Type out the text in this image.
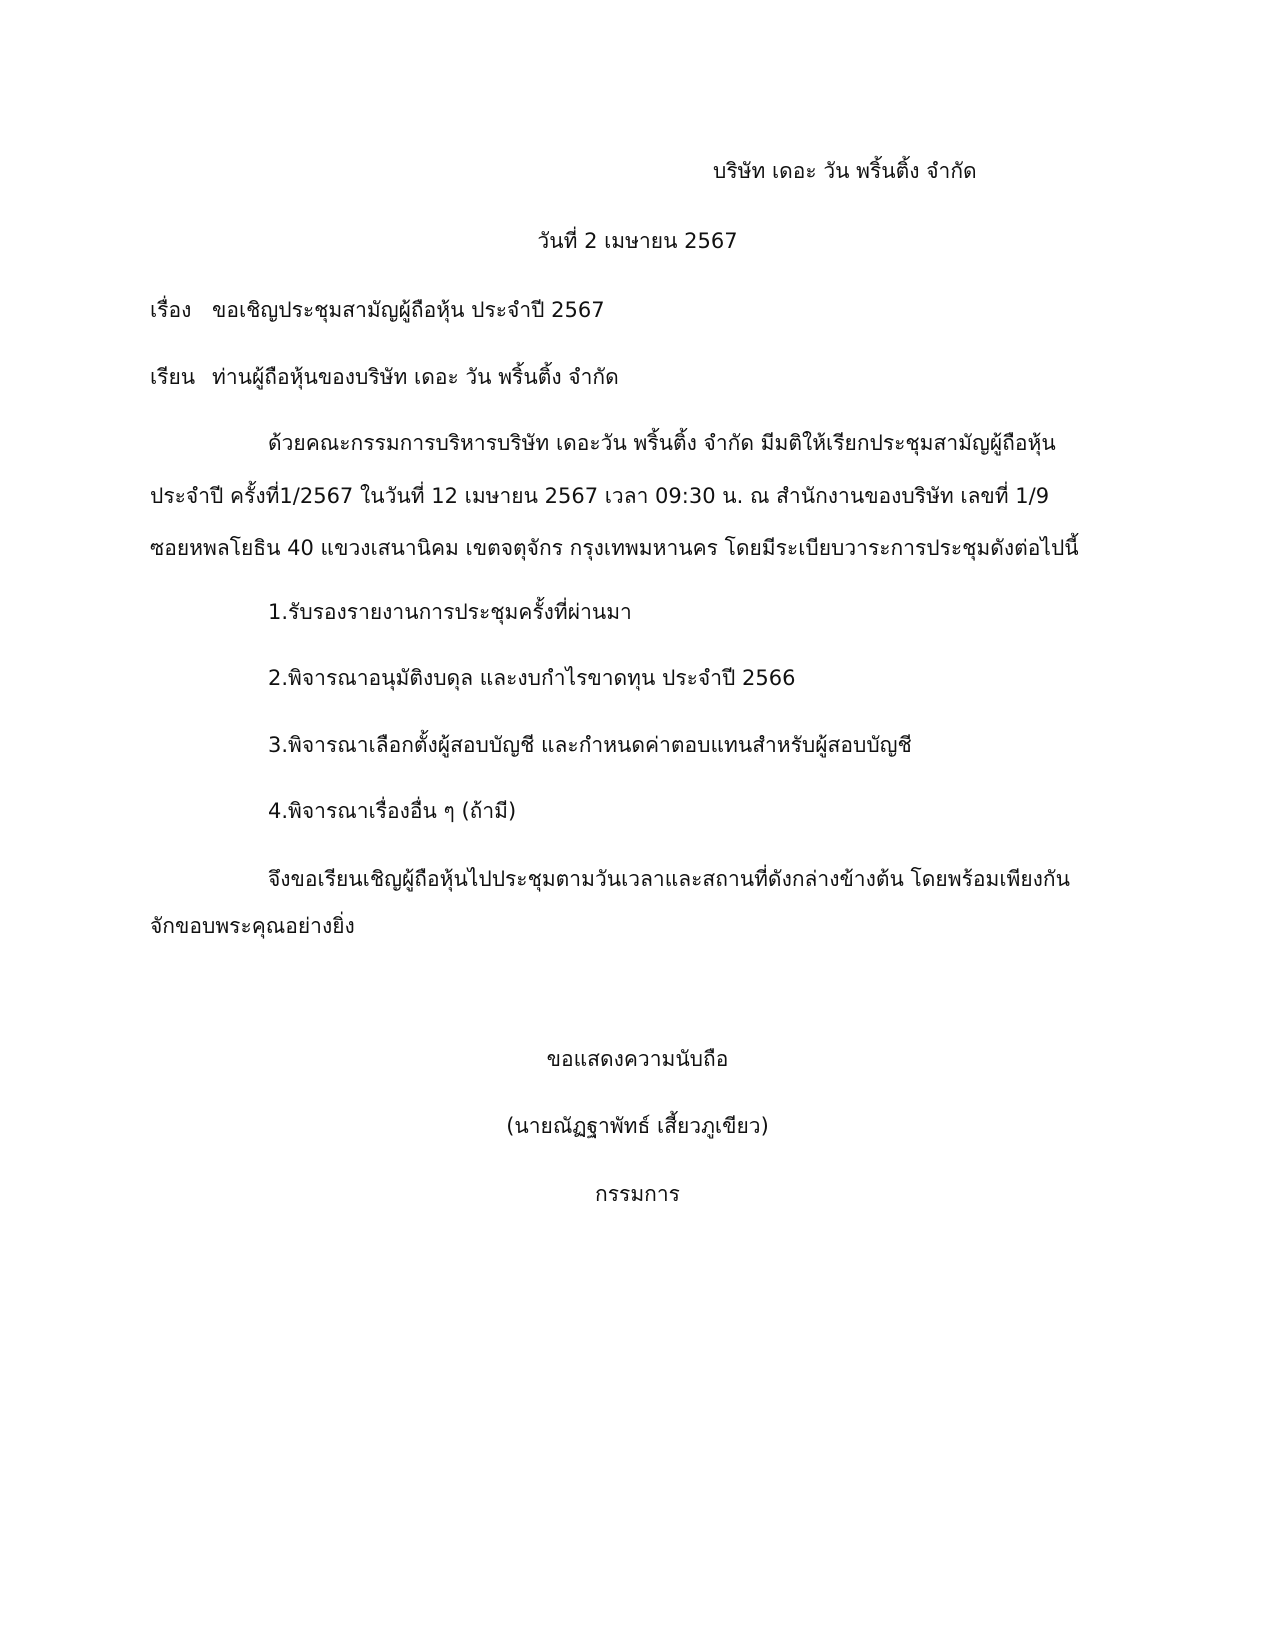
บริษัท เดอะ วัน พริ้นติ้ง จำกัด

วันที่ 2 เมษายน 2567

เรื่อง ขอเชิญประชุมสามัญผู้ถือหุ้น ประจำปี 2567

เรียน ท่านผู้ถือหุ้นของบริษัท เดอะ วัน พริ้นติ้ง จำกัด

ด้วยคณะกรรมการบริหารบริษัท เดอะวัน พริ้นติ้ง จำกัด มีมติให้เรียกประชุมสามัญผู้ถือหุ้น

ประจำปี ครั้งที่1/2567 ในวันที่ 12 เมษายน 2567 เวลา 09:30 น. ณ สำนักงานของบริษัท เลขที่ 1/9

ซอยหพลโยธิน 40 แขวงเสนานิคม เขตจตุจักร กรุงเทพมหานคร โดยมีระเบียบวาระการประชุมดังต่อไปนี้

1.รับรองรายงานการประชุมครั้งที่ผ่านมา

2.พิจารณาอนุมัติงบดุล และงบกำไรขาดทุน ประจำปี 2566

3.พิจารณาเลือกตั้งผู้สอบบัญชี และกำหนดค่าตอบแทนสำหรับผู้สอบบัญชี

4.พิจารณาเรื่องอื่น ๆ (ถ้ามี)

จึงขอเรียนเชิญผู้ถือหุ้นไปประชุมตามวันเวลาและสถานที่ดังกล่างข้างต้น โดยพร้อมเพียงกัน

จักขอบพระคุณอย่างยิ่ง

ขอแสดงความนับถือ

(นายณัฏฐาพัทธ์ เสี้ยวภูเขียว)

กรรมการ
